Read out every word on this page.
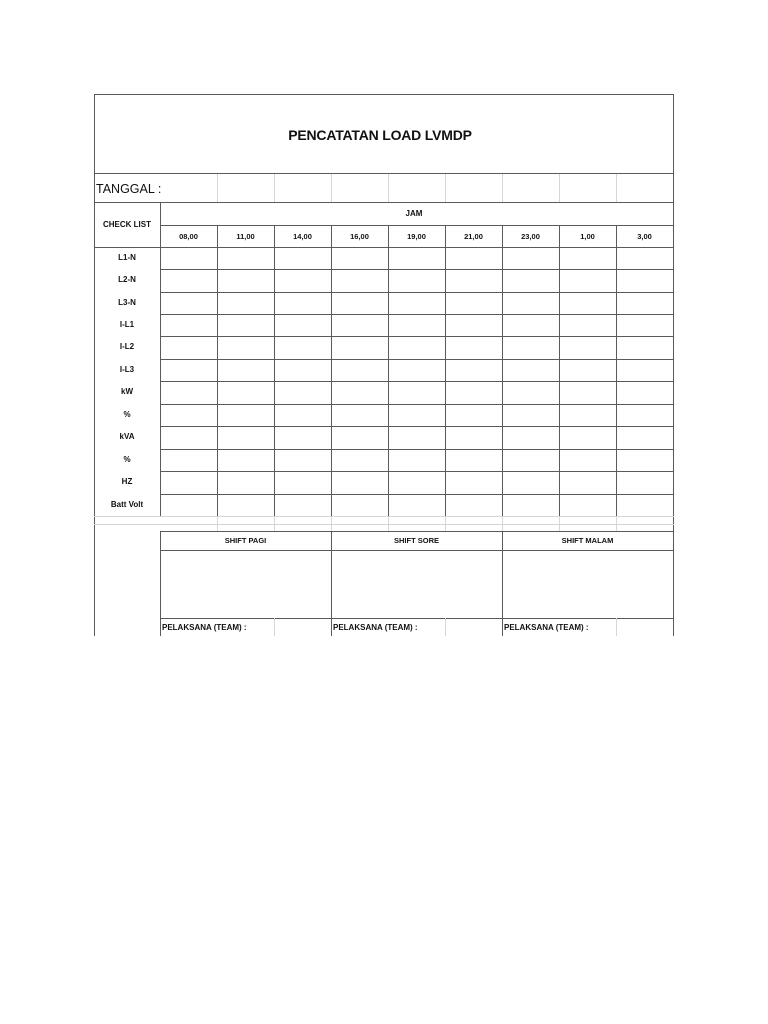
PENCATATAN LOAD LVMDP
TANGGAL :
CHECK LIST
JAM
08,00	11,00	14,00	16,00	19,00	21,00	23,00	1,00	3,00
L1-N
L2-N
L3-N
I-L1
I-L2
I-L3
kW
%
kVA
%
HZ
Batt Volt
SHIFT PAGI
PELAKSANA (TEAM) :
SHIFT SORE
PELAKSANA (TEAM) :
SHIFT MALAM
PELAKSANA (TEAM) :
